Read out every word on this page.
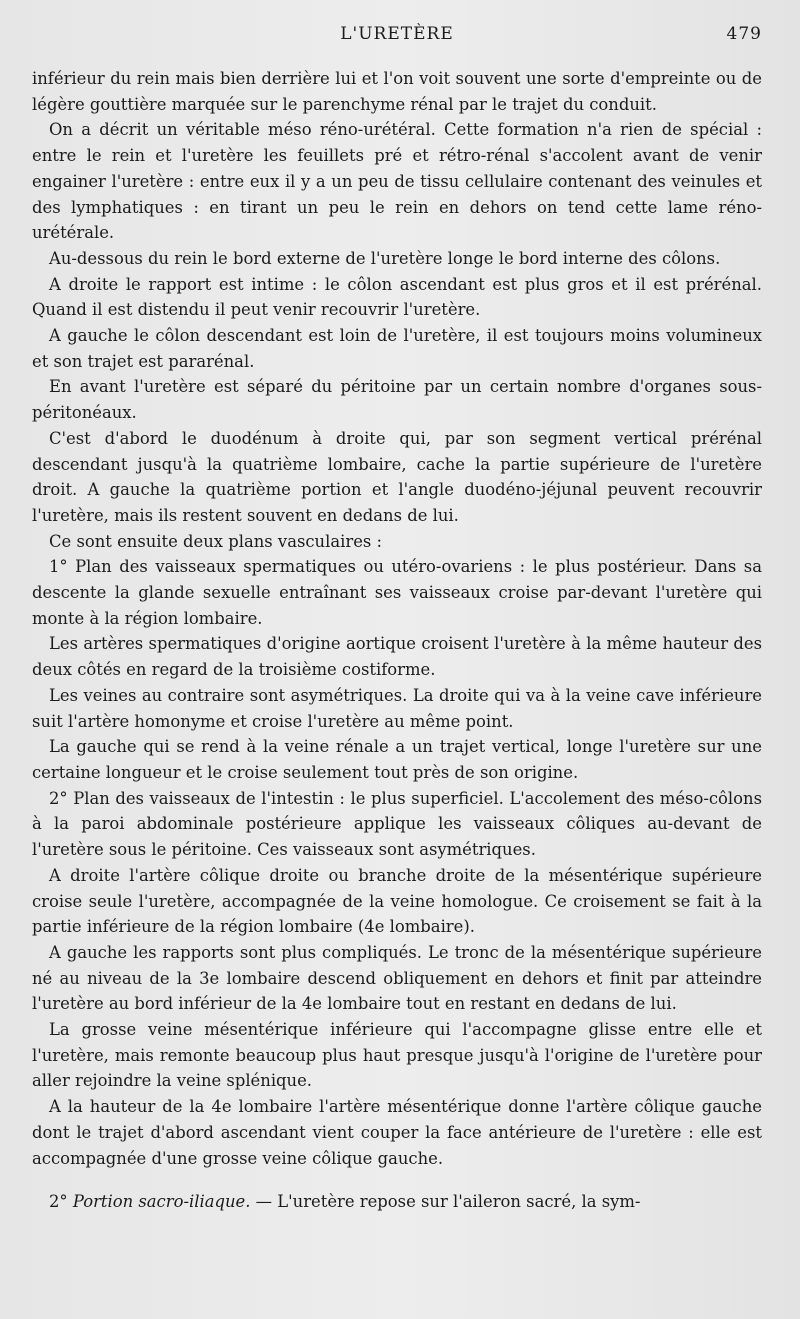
L'URETÈRE	479

inférieur du rein mais bien derrière lui et l'on voit souvent une sorte d'empreinte ou de légère gouttière marquée sur le parenchyme rénal par le trajet du conduit.

On a décrit un véritable méso réno-urétéral. Cette formation n'a rien de spécial : entre le rein et l'uretère les feuillets pré et rétro-rénal s'accolent avant de venir engainer l'uretère : entre eux il y a un peu de tissu cellulaire contenant des veinules et des lymphatiques : en tirant un peu le rein en dehors on tend cette lame réno-urétérale.

Au-dessous du rein le bord externe de l'uretère longe le bord interne des côlons.

A droite le rapport est intime : le côlon ascendant est plus gros et il est prérénal. Quand il est distendu il peut venir recouvrir l'uretère.

A gauche le côlon descendant est loin de l'uretère, il est toujours moins volumineux et son trajet est pararénal.

En avant l'uretère est séparé du péritoine par un certain nombre d'organes sous-péritonéaux.

C'est d'abord le duodénum à droite qui, par son segment vertical prérénal descendant jusqu'à la quatrième lombaire, cache la partie supérieure de l'uretère droit. A gauche la quatrième portion et l'angle duodéno-jéjunal peuvent recouvrir l'uretère, mais ils restent souvent en dedans de lui.

Ce sont ensuite deux plans vasculaires :

1° Plan des vaisseaux spermatiques ou utéro-ovariens : le plus postérieur. Dans sa descente la glande sexuelle entraînant ses vaisseaux croise par-devant l'uretère qui monte à la région lombaire.

Les artères spermatiques d'origine aortique croisent l'uretère à la même hauteur des deux côtés en regard de la troisième costiforme.

Les veines au contraire sont asymétriques. La droite qui va à la veine cave inférieure suit l'artère homonyme et croise l'uretère au même point.

La gauche qui se rend à la veine rénale a un trajet vertical, longe l'uretère sur une certaine longueur et le croise seulement tout près de son origine.

2° Plan des vaisseaux de l'intestin : le plus superficiel. L'accolement des méso-côlons à la paroi abdominale postérieure applique les vaisseaux côliques au-devant de l'uretère sous le péritoine. Ces vaisseaux sont asymétriques.

A droite l'artère côlique droite ou branche droite de la mésentérique supérieure croise seule l'uretère, accompagnée de la veine homologue. Ce croisement se fait à la partie inférieure de la région lombaire (4e lombaire).

A gauche les rapports sont plus compliqués. Le tronc de la mésentérique supérieure né au niveau de la 3e lombaire descend obliquement en dehors et finit par atteindre l'uretère au bord inférieur de la 4e lombaire tout en restant en dedans de lui.

La grosse veine mésentérique inférieure qui l'accompagne glisse entre elle et l'uretère, mais remonte beaucoup plus haut presque jusqu'à l'origine de l'uretère pour aller rejoindre la veine splénique.

A la hauteur de la 4e lombaire l'artère mésentérique donne l'artère côlique gauche dont le trajet d'abord ascendant vient couper la face antérieure de l'uretère : elle est accompagnée d'une grosse veine côlique gauche.

2° Portion sacro-iliaque. — L'uretère repose sur l'aileron sacré, la sym-
